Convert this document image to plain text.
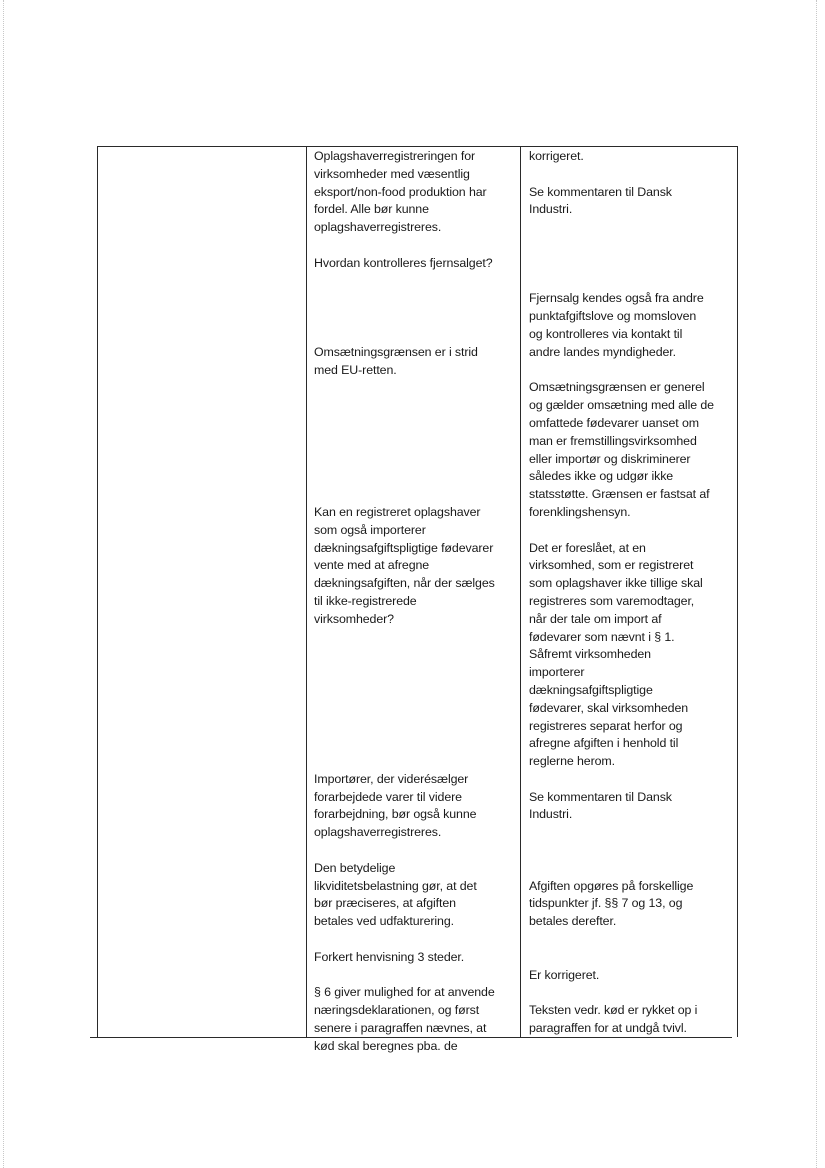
Oplagshaverregistreringen for

virksomheder med væsentlig

eksport/non-food produktion har

fordel. Alle bør kunne

oplagshaverregistreres.

Hvordan kontrolleres fjernsalget?

Omsætningsgrænsen er i strid

med EU-retten.

Kan en registreret oplagshaver

som også importerer

dækningsafgiftspligtige fødevarer

vente med at afregne

dækningsafgiften, når der sælges

til ikke-registrerede

virksomheder?

Importører, der viderésælger

forarbejdede varer til videre

forarbejdning, bør også kunne

oplagshaverregistreres.

Den betydelige

likviditetsbelastning gør, at det

bør præciseres, at afgiften

betales ved udfakturering.

Forkert henvisning 3 steder.

§ 6 giver mulighed for at anvende

næringsdeklarationen, og først

senere i paragraffen nævnes, at

kød skal beregnes pba. de

korrigeret.

Se kommentaren til Dansk

Industri.

Fjernsalg kendes også fra andre

punktafgiftslove og momsloven

og kontrolleres via kontakt til

andre landes myndigheder.

Omsætningsgrænsen er generel

og gælder omsætning med alle de

omfattede fødevarer uanset om

man er fremstillingsvirksomhed

eller importør og diskriminerer

således ikke og udgør ikke

statsstøtte. Grænsen er fastsat af

forenklingshensyn.

Det er foreslået, at en

virksomhed, som er registreret

som oplagshaver ikke tillige skal

registreres som varemodtager,

når der tale om import af

fødevarer som nævnt i § 1.

Såfremt virksomheden

importerer

dækningsafgiftspligtige

fødevarer, skal virksomheden

registreres separat herfor og

afregne afgiften i henhold til

reglerne herom.

Se kommentaren til Dansk

Industri.

Afgiften opgøres på forskellige

tidspunkter jf. §§ 7 og 13, og

betales derefter.

Er korrigeret.

Teksten vedr. kød er rykket op i

paragraffen for at undgå tvivl.
